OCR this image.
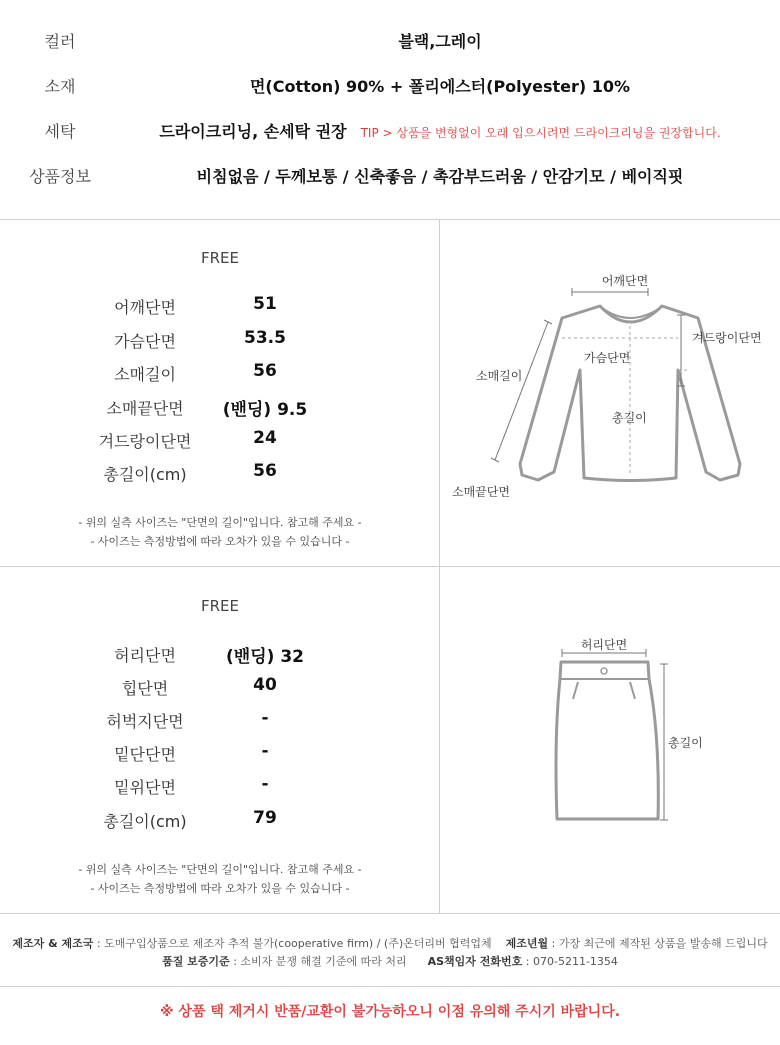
컬러	블랙,그레이
소재	면(Cotton) 90% + 폴리에스터(Polyester) 10%
세탁	드라이크리닝, 손세탁 권장 TIP > 상품을 변형없이 오래 입으시려면 드라이크리닝을 권장합니다.
상품정보	비침없음 / 두께보통 / 신축좋음 / 촉감부드러움 / 안감기모 / 베이직핏
FREE
어깨단면	51
가슴단면	53.5
소매길이	56
소매끝단면	(밴딩) 9.5
겨드랑이단면	24
총길이(cm)	56
- 위의 실측 사이즈는 "단면의 길이"입니다. 참고해 주세요 -
- 사이즈는 측정방법에 따라 오차가 있을 수 있습니다 -
어깨단면
겨드랑이단면
가슴단면
소매길이
총길이
소매끝단면
FREE
허리단면	(밴딩) 32
힙단면	40
허벅지단면	-
밑단단면	-
밑위단면	-
총길이(cm)	79
- 위의 실측 사이즈는 "단면의 길이"입니다. 참고해 주세요 -
- 사이즈는 측정방법에 따라 오차가 있을 수 있습니다 -
허리단면
총길이
제조자 & 제조국 : 도매구입상품으로 제조자 추적 불가(cooperative firm) / (주)온더리버 협력업체 제조년월 : 가장 최근에 제작된 상품을 발송해 드립니다
품질 보증기준 : 소비자 분쟁 해결 기준에 따라 처리 AS책임자 전화번호 : 070-5211-1354
※ 상품 택 제거시 반품/교환이 불가능하오니 이점 유의해 주시기 바랍니다.
